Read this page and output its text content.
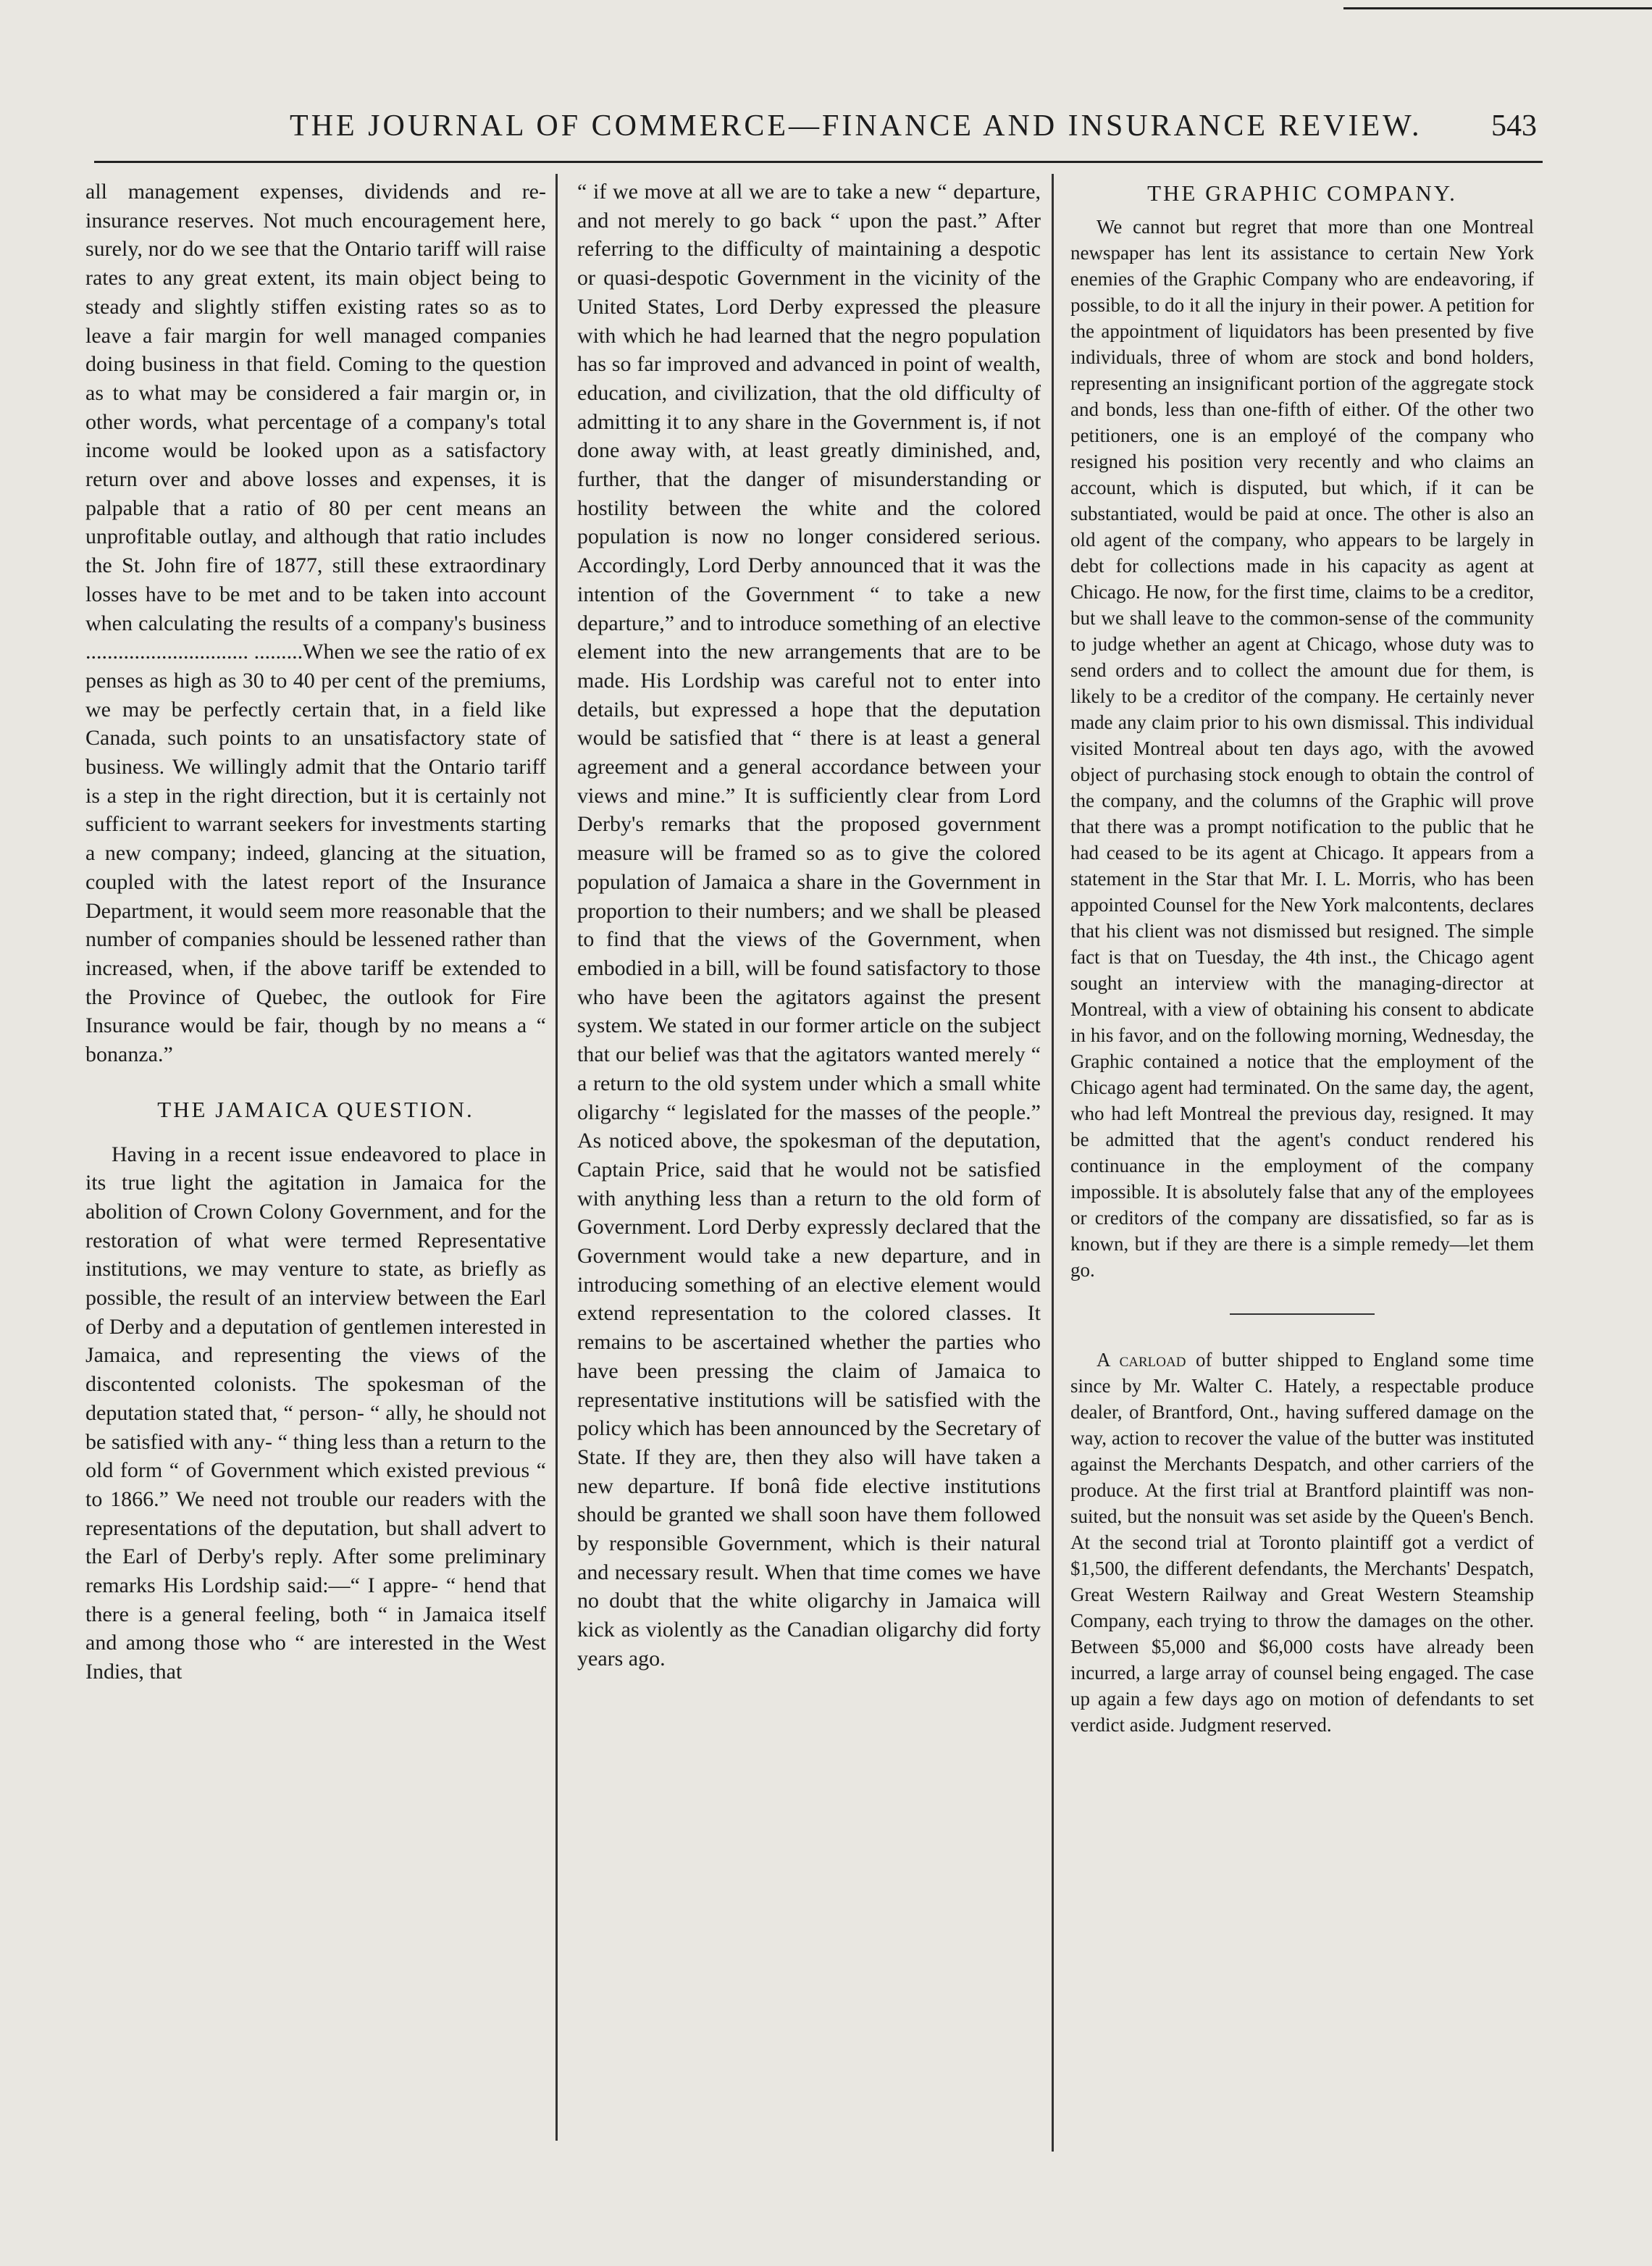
THE JOURNAL OF COMMERCE—FINANCE AND INSURANCE REVIEW. 543

all management expenses, dividends and re-insurance reserves. Not much encouragement here, surely, nor do we see that the Ontario tariff will raise rates to any great extent, its main object being to steady and slightly stiffen existing rates so as to leave a fair margin for well managed companies doing business in that field. Coming to the question as to what may be considered a fair margin or, in other words, what percentage of a company's total income would be looked upon as a satisfactory return over and above losses and expenses, it is palpable that a ratio of 80 per cent means an unprofitable outlay, and although that ratio includes the St. John fire of 1877, still these extraordinary losses have to be met and to be taken into account when calculating the results of a company's business .............................. .........When we see the ratio of ex penses as high as 30 to 40 per cent of the premiums, we may be perfectly certain that, in a field like Canada, such points to an unsatisfactory state of business. We willingly admit that the Ontario tariff is a step in the right direction, but it is certainly not sufficient to warrant seekers for investments starting a new company; indeed, glancing at the situation, coupled with the latest report of the Insurance Department, it would seem more reasonable that the number of companies should be lessened rather than increased, when, if the above tariff be extended to the Province of Quebec, the outlook for Fire Insurance would be fair, though by no means a “ bonanza.”

THE JAMAICA QUESTION.

Having in a recent issue endeavored to place in its true light the agitation in Jamaica for the abolition of Crown Colony Government, and for the restoration of what were termed Representative institutions, we may venture to state, as briefly as possible, the result of an interview between the Earl of Derby and a deputation of gentlemen interested in Jamaica, and representing the views of the discontented colonists. The spokesman of the deputation stated that, “ person- “ ally, he should not be satisfied with any- “ thing less than a return to the old form “ of Government which existed previous “ to 1866.” We need not trouble our readers with the representations of the deputation, but shall advert to the Earl of Derby's reply. After some preliminary remarks His Lordship said:—“ I appre- “ hend that there is a general feeling, both “ in Jamaica itself and among those who “ are interested in the West Indies, that

“ if we move at all we are to take a new “ departure, and not merely to go back “ upon the past.” After referring to the difficulty of maintaining a despotic or quasi-despotic Government in the vicinity of the United States, Lord Derby expressed the pleasure with which he had learned that the negro population has so far improved and advanced in point of wealth, education, and civilization, that the old difficulty of admitting it to any share in the Government is, if not done away with, at least greatly diminished, and, further, that the danger of misunderstanding or hostility between the white and the colored population is now no longer considered serious. Accordingly, Lord Derby announced that it was the intention of the Government “ to take a new departure,” and to introduce something of an elective element into the new arrangements that are to be made. His Lordship was careful not to enter into details, but expressed a hope that the deputation would be satisfied that “ there is at least a general agreement and a general accordance between your views and mine.” It is sufficiently clear from Lord Derby's remarks that the proposed government measure will be framed so as to give the colored population of Jamaica a share in the Government in proportion to their numbers; and we shall be pleased to find that the views of the Government, when embodied in a bill, will be found satisfactory to those who have been the agitators against the present system. We stated in our former article on the subject that our belief was that the agitators wanted merely “ a return to the old system under which a small white oligarchy “ legislated for the masses of the people.” As noticed above, the spokesman of the deputation, Captain Price, said that he would not be satisfied with anything less than a return to the old form of Government. Lord Derby expressly declared that the Government would take a new departure, and in introducing something of an elective element would extend representation to the colored classes. It remains to be ascertained whether the parties who have been pressing the claim of Jamaica to representative institutions will be satisfied with the policy which has been announced by the Secretary of State. If they are, then they also will have taken a new departure. If bonâ fide elective institutions should be granted we shall soon have them followed by responsible Government, which is their natural and necessary result. When that time comes we have no doubt that the white oligarchy in Jamaica will kick as violently as the Canadian oligarchy did forty years ago.

THE GRAPHIC COMPANY.

We cannot but regret that more than one Montreal newspaper has lent its assistance to certain New York enemies of the Graphic Company who are endeavoring, if possible, to do it all the injury in their power. A petition for the appointment of liquidators has been presented by five individuals, three of whom are stock and bond holders, representing an insignificant portion of the aggregate stock and bonds, less than one-fifth of either. Of the other two petitioners, one is an employé of the company who resigned his position very recently and who claims an account, which is disputed, but which, if it can be substantiated, would be paid at once. The other is also an old agent of the company, who appears to be largely in debt for collections made in his capacity as agent at Chicago. He now, for the first time, claims to be a creditor, but we shall leave to the common-sense of the community to judge whether an agent at Chicago, whose duty was to send orders and to collect the amount due for them, is likely to be a creditor of the company. He certainly never made any claim prior to his own dismissal. This individual visited Montreal about ten days ago, with the avowed object of purchasing stock enough to obtain the control of the company, and the columns of the Graphic will prove that there was a prompt notification to the public that he had ceased to be its agent at Chicago. It appears from a statement in the Star that Mr. I. L. Morris, who has been appointed Counsel for the New York malcontents, declares that his client was not dismissed but resigned. The simple fact is that on Tuesday, the 4th inst., the Chicago agent sought an interview with the managing-director at Montreal, with a view of obtaining his consent to abdicate in his favor, and on the following morning, Wednesday, the Graphic contained a notice that the employment of the Chicago agent had terminated. On the same day, the agent, who had left Montreal the previous day, resigned. It may be admitted that the agent's conduct rendered his continuance in the employment of the company impossible. It is absolutely false that any of the employees or creditors of the company are dissatisfied, so far as is known, but if they are there is a simple remedy—let them go.

A carload of butter shipped to England some time since by Mr. Walter C. Hately, a respectable produce dealer, of Brantford, Ont., having suffered damage on the way, action to recover the value of the butter was instituted against the Merchants Despatch, and other carriers of the produce. At the first trial at Brantford plaintiff was non-suited, but the nonsuit was set aside by the Queen's Bench. At the second trial at Toronto plaintiff got a verdict of $1,500, the different defendants, the Merchants' Despatch, Great Western Railway and Great Western Steamship Company, each trying to throw the damages on the other. Between $5,000 and $6,000 costs have already been incurred, a large array of counsel being engaged. The case up again a few days ago on motion of defendants to set verdict aside. Judgment reserved.
